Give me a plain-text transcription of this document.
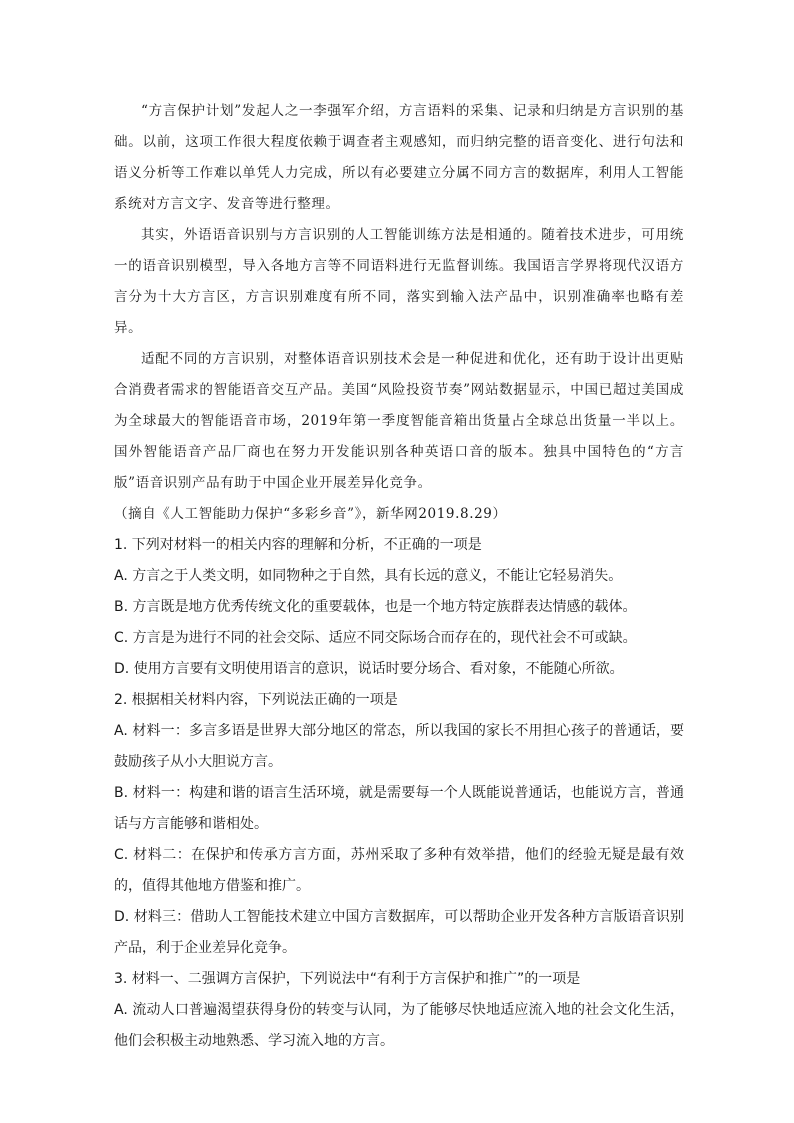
“方言保护计划”发起人之一李强军介绍，方言语料的采集、记录和归纳是方言识别的基础。以前，这项工作很大程度依赖于调查者主观感知，而归纳完整的语音变化、进行句法和语义分析等工作难以单凭人力完成，所以有必要建立分属不同方言的数据库，利用人工智能系统对方言文字、发音等进行整理。

其实，外语语音识别与方言识别的人工智能训练方法是相通的。随着技术进步，可用统一的语音识别模型，导入各地方言等不同语料进行无监督训练。我国语言学界将现代汉语方言分为十大方言区，方言识别难度有所不同，落实到输入法产品中，识别准确率也略有差异。

适配不同的方言识别，对整体语音识别技术会是一种促进和优化，还有助于设计出更贴合消费者需求的智能语音交互产品。美国“风险投资节奏”网站数据显示，中国已超过美国成为全球最大的智能语音市场，2019年第一季度智能音箱出货量占全球总出货量一半以上。国外智能语音产品厂商也在努力开发能识别各种英语口音的版本。独具中国特色的“方言版”语音识别产品有助于中国企业开展差异化竞争。

（摘自《人工智能助力保护“多彩乡音”》，新华网2019.8.29）

1. 下列对材料一的相关内容的理解和分析，不正确的一项是

A. 方言之于人类文明，如同物种之于自然，具有长远的意义，不能让它轻易消失。

B. 方言既是地方优秀传统文化的重要载体，也是一个地方特定族群表达情感的载体。

C. 方言是为进行不同的社会交际、适应不同交际场合而存在的，现代社会不可或缺。

D. 使用方言要有文明使用语言的意识，说话时要分场合、看对象，不能随心所欲。

2. 根据相关材料内容，下列说法正确的一项是

A. 材料一：多言多语是世界大部分地区的常态，所以我国的家长不用担心孩子的普通话，要鼓励孩子从小大胆说方言。

B. 材料一：构建和谐的语言生活环境，就是需要每一个人既能说普通话，也能说方言，普通话与方言能够和谐相处。

C. 材料二：在保护和传承方言方面，苏州采取了多种有效举措，他们的经验无疑是最有效的，值得其他地方借鉴和推广。

D. 材料三：借助人工智能技术建立中国方言数据库，可以帮助企业开发各种方言版语音识别产品，利于企业差异化竞争。

3. 材料一、二强调方言保护，下列说法中“有利于方言保护和推广”的一项是

A. 流动人口普遍渴望获得身份的转变与认同，为了能够尽快地适应流入地的社会文化生活，他们会积极主动地熟悉、学习流入地的方言。
